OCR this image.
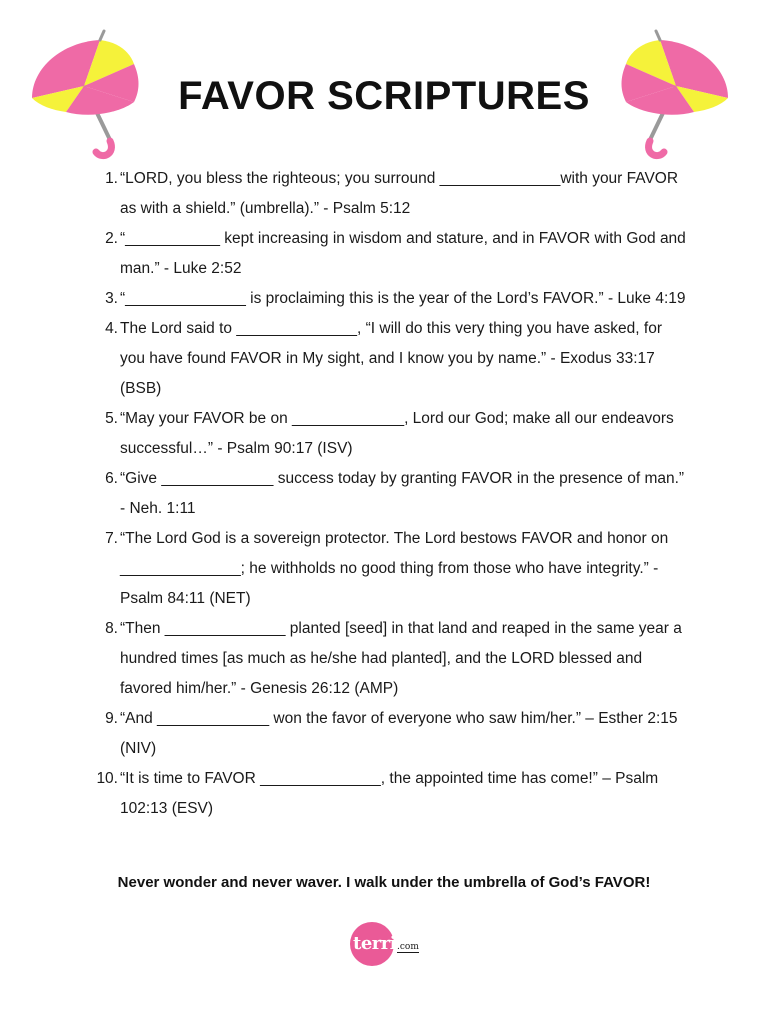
FAVOR SCRIPTURES
1. “LORD, you bless the righteous; you surround ______________with your FAVOR as with a shield.” (umbrella).” - Psalm 5:12
2. “___________ kept increasing in wisdom and stature, and in FAVOR with God and man.” - Luke 2:52
3. “______________ is proclaiming this is the year of the Lord’s FAVOR.” - Luke 4:19
4. The Lord said to ______________, “I will do this very thing you have asked, for you have found FAVOR in My sight, and I know you by name.” - Exodus 33:17 (BSB)
5. “May your FAVOR be on _____________, Lord our God; make all our endeavors successful…” - Psalm 90:17 (ISV)
6. “Give _____________ success today by granting FAVOR in the presence of man.” - Neh. 1:11
7. “The Lord God is a sovereign protector. The Lord bestows FAVOR and honor on ______________; he withholds no good thing from those who have integrity.” - Psalm 84:11 (NET)
8. “Then ______________ planted [seed] in that land and reaped in the same year a hundred times [as much as he/she had planted], and the LORD blessed and favored him/her.” - Genesis 26:12 (AMP)
9. “And _____________ won the favor of everyone who saw him/her.” – Esther 2:15 (NIV)
10. “It is time to FAVOR ______________, the appointed time has come!” – Psalm 102:13 (ESV)

Never wonder and never waver. I walk under the umbrella of God’s FAVOR!

terri .com
